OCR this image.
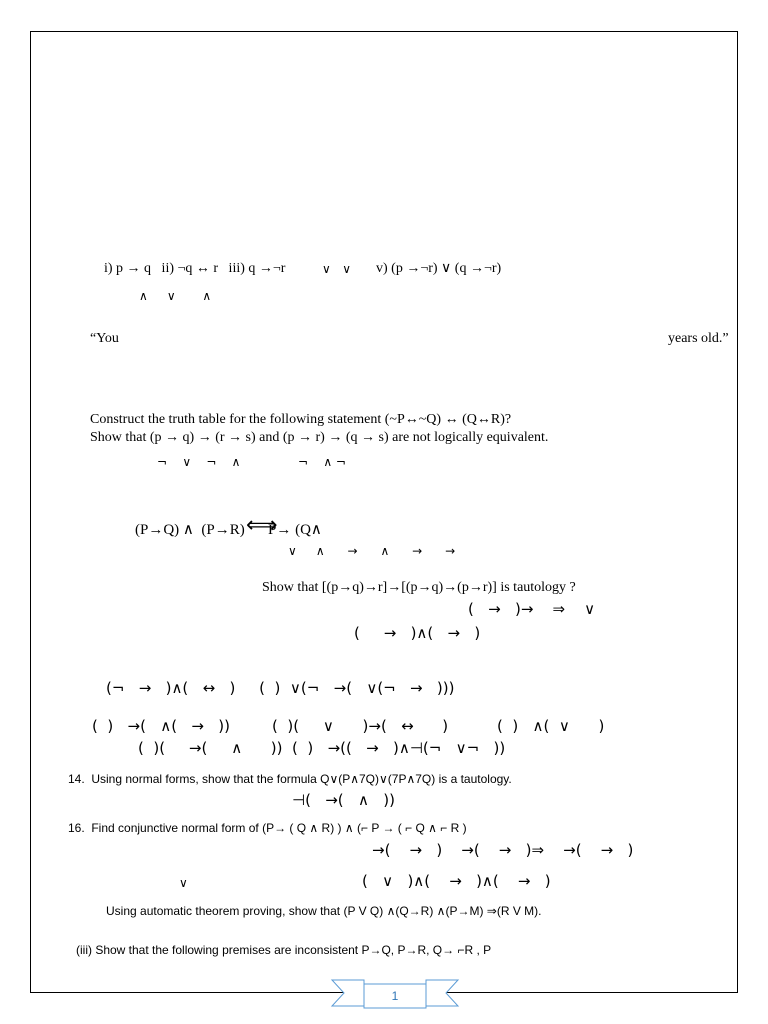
i) p → q   ii) ¬q ↔ r   iii) q →¬r	∨   ∨ v) (p →¬r) ∨ (q →¬r)
∧     ∨       ∧
“You	years old.”
Construct the truth table for the following statement (~P↔~Q) ↔ (Q↔R)?
Show that (p → q) → (r → s) and (p → r) → (q → s) are not logically equivalent.
¬    ∨    ¬    ∧	¬    ∧ ¬
(P→Q) ∧  (P→R) ⟺
P→ (Q∧
∨     ∧      →      ∧      →      →
Show that [(p→q)→r]→[(p→q)→(p→r)] is tautology ?
(   →   )→    ⇒    ∨
(     →   )∧(   →   )
(¬   →   )∧(   ↔   )     (  )  ∨(¬   →(   ∨(¬   →   )))
(  )   →(   ∧(   →   ))	(  )(     ∨      )→(   ↔      )	(  )   ∧(  ∨      )
(  )(     →(     ∧      ))  (  )   →((   →   )∧⊣(¬   ∨¬   ))
14.  Using normal forms, show that the formula Q∨(P∧7Q)∨(7P∧7Q) is a tautology.
⊣(   →(   ∧   ))
16.  Find conjunctive normal form of (P→ ( Q ∧ R) ) ∧ (⌐ P → ( ⌐ Q ∧ ⌐ R )
→(    →   )    →(    →   )⇒    →(    →   )
∨	(   ∨   )∧(    →   )∧(    →   )
Using automatic theorem proving, show that (P V Q) ∧(Q→R) ∧(P→M) ⇒(R V M).
(iii) Show that the following premises are inconsistent P→Q, P→R, Q→ ⌐R , P
1
